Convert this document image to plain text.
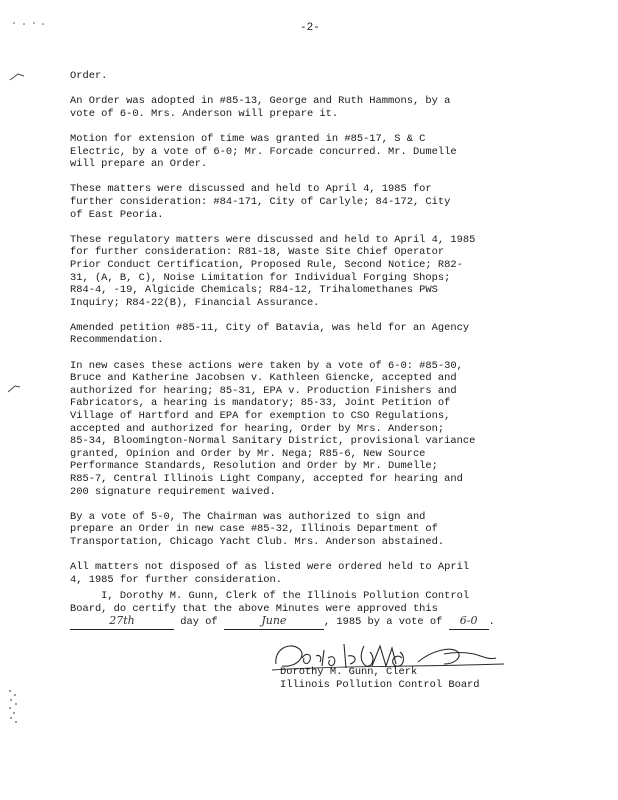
-2-

Order.

An Order was adopted in #85-13, George and Ruth Hammons, by a
vote of 6-0. Mrs. Anderson will prepare it.

Motion for extension of time was granted in #85-17, S & C
Electric, by a vote of 6-0; Mr. Forcade concurred. Mr. Dumelle
will prepare an Order.

These matters were discussed and held to April 4, 1985 for
further consideration: #84-171, City of Carlyle; 84-172, City
of East Peoria.

These regulatory matters were discussed and held to April 4, 1985
for further consideration: R81-18, Waste Site Chief Operator
Prior Conduct Certification, Proposed Rule, Second Notice; R82-
31, (A, B, C), Noise Limitation for Individual Forging Shops;
R84-4, -19, Algicide Chemicals; R84-12, Trihalomethanes PWS
Inquiry; R84-22(B), Financial Assurance.

Amended petition #85-11, City of Batavia, was held for an Agency
Recommendation.

In new cases these actions were taken by a vote of 6-0: #85-30,
Bruce and Katherine Jacobsen v. Kathleen Giencke, accepted and
authorized for hearing; 85-31, EPA v. Production Finishers and
Fabricators, a hearing is mandatory; 85-33, Joint Petition of
Village of Hartford and EPA for exemption to CSO Regulations,
accepted and authorized for hearing, Order by Mrs. Anderson;
85-34, Bloomington-Normal Sanitary District, provisional variance
granted, Opinion and Order by Mr. Nega; R85-6, New Source
Performance Standards, Resolution and Order by Mr. Dumelle;
R85-7, Central Illinois Light Company, accepted for hearing and
200 signature requirement waived.

By a vote of 5-0, The Chairman was authorized to sign and
prepare an Order in new case #85-32, Illinois Department of
Transportation, Chicago Yacht Club. Mrs. Anderson abstained.

All matters not disposed of as listed were ordered held to April
4, 1985 for further consideration.

I, Dorothy M. Gunn, Clerk of the Illinois Pollution Control
Board, do certify that the above Minutes were approved this
27th	day of	June	, 1985 by a vote of 6-0 .
Dorothy M. Gunn, Clerk
Illinois Pollution Control Board
